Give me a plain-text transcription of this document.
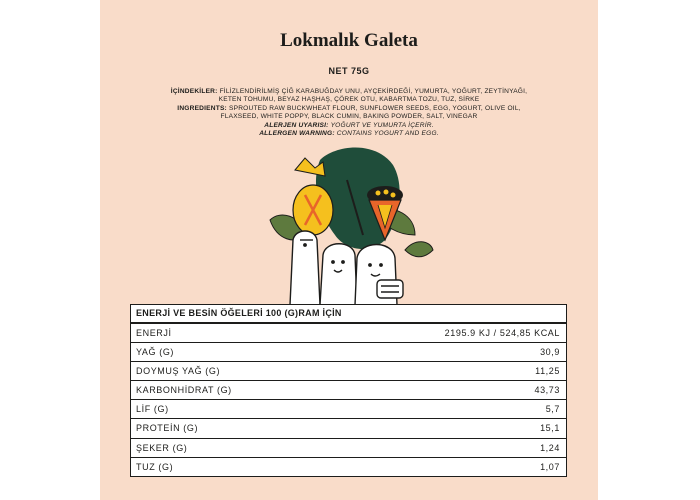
Lokmalık Galeta
NET 75G
İÇİNDEKİLER: FİLİZLENDİRİLMİŞ ÇİĞ KARABUĞDAY UNU, AYÇEKİRDEĞİ, YUMURTA, YOĞURT, ZEYTİNYAĞI,
KETEN TOHUMU, BEYAZ HAŞHAŞ, ÇÖREK OTU, KABARTMA TOZU, TUZ, SİRKE
INGREDIENTS: SPROUTED RAW BUCKWHEAT FLOUR, SUNFLOWER SEEDS, EGG, YOGURT, OLIVE OIL,
FLAXSEED, WHITE POPPY, BLACK CUMIN, BAKING POWDER, SALT, VINEGAR
ALERJEN UYARISI: YOĞURT VE YUMURTA İÇERİR.
ALLERGEN WARNING: CONTAINS YOGURT AND EGG.
ENERJİ VE BESİN ÖĞELERİ 100 (G)RAM İÇİN
ENERJİ	2195.9 KJ / 524,85 KCAL
YAĞ (G)	30,9
DOYMUŞ YAĞ (G)	11,25
KARBONHİDRAT (G)	43,73
LİF (G)	5,7
PROTEİN (G)	15,1
ŞEKER (G)	1,24
TUZ (G)	1,07
